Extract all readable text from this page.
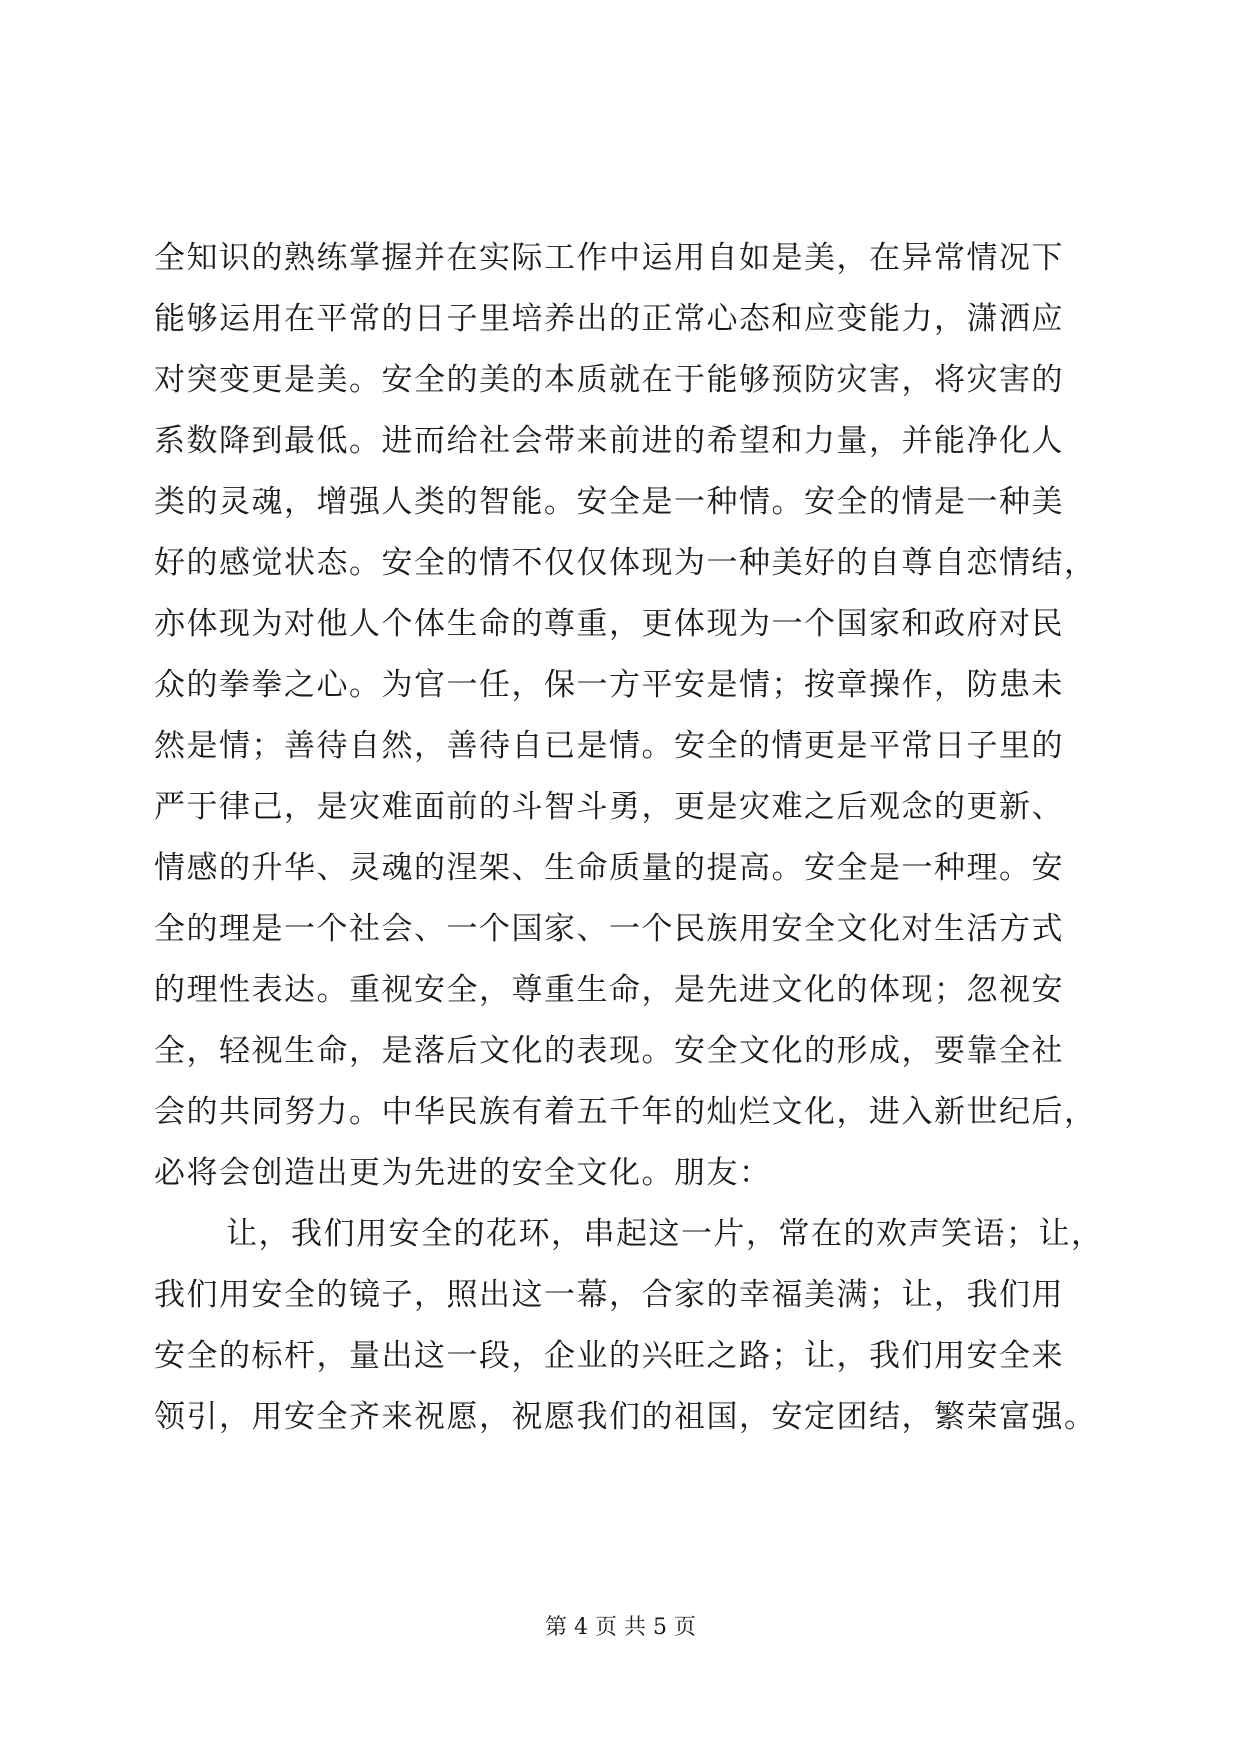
全知识的熟练掌握并在实际工作中运用自如是美，在异常情况下
能够运用在平常的日子里培养出的正常心态和应变能力，潇洒应
对突变更是美。安全的美的本质就在于能够预防灾害，将灾害的
系数降到最低。进而给社会带来前进的希望和力量，并能净化人
类的灵魂，增强人类的智能。安全是一种情。安全的情是一种美
好的感觉状态。安全的情不仅仅体现为一种美好的自尊自恋情结，
亦体现为对他人个体生命的尊重，更体现为一个国家和政府对民
众的拳拳之心。为官一任，保一方平安是情；按章操作，防患未
然是情；善待自然，善待自已是情。安全的情更是平常日子里的
严于律己，是灾难面前的斗智斗勇，更是灾难之后观念的更新、
情感的升华、灵魂的涅架、生命质量的提高。安全是一种理。安
全的理是一个社会、一个国家、一个民族用安全文化对生活方式
的理性表达。重视安全，尊重生命，是先进文化的体现；忽视安
全，轻视生命，是落后文化的表现。安全文化的形成，要靠全社
会的共同努力。中华民族有着五千年的灿烂文化，进入新世纪后，
必将会创造出更为先进的安全文化。朋友：
让，我们用安全的花环，串起这一片，常在的欢声笑语；让，
我们用安全的镜子，照出这一幕，合家的幸福美满；让，我们用
安全的标杆，量出这一段，企业的兴旺之路；让，我们用安全来
领引，用安全齐来祝愿，祝愿我们的祖国，安定团结，繁荣富强。
第 4 页 共 5 页
